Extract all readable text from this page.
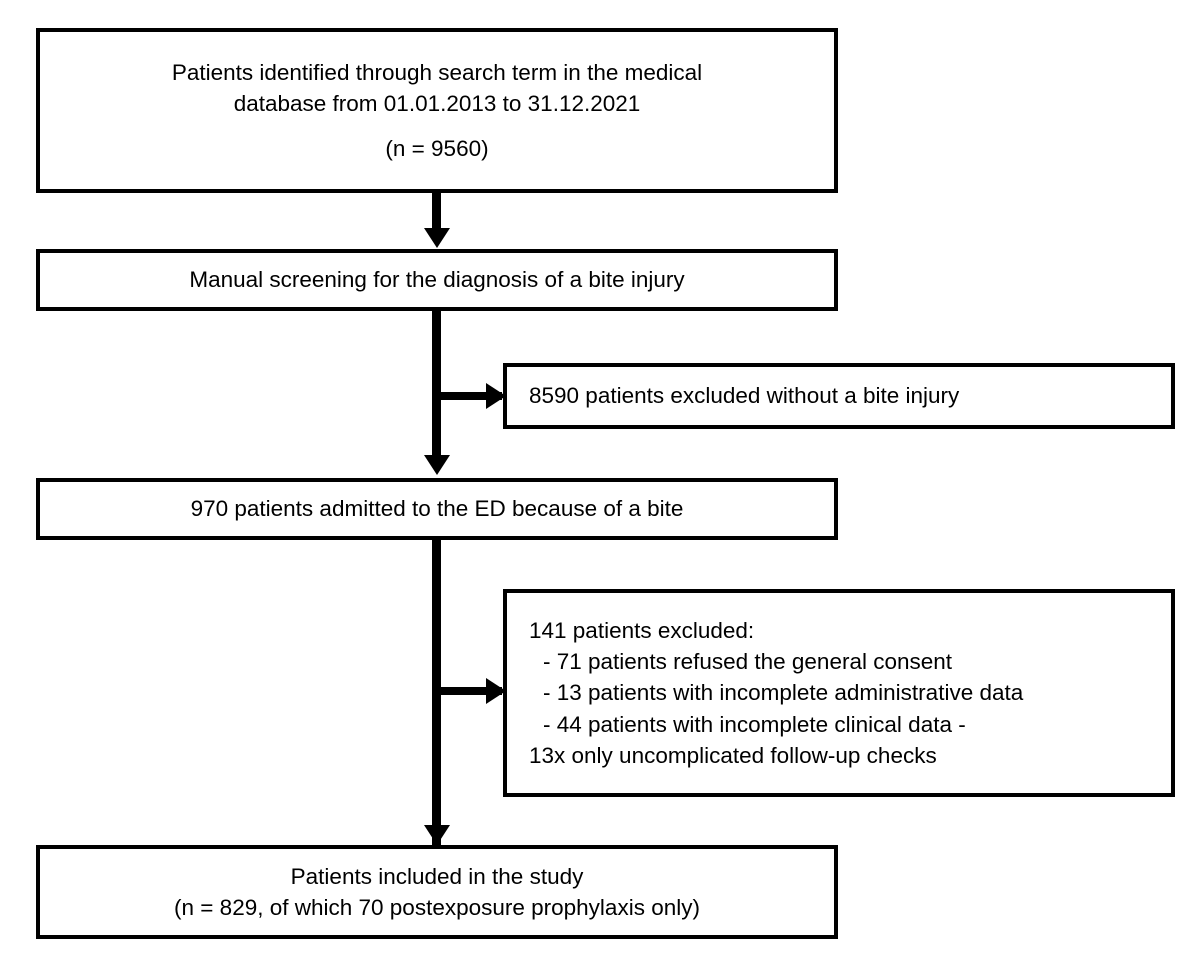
Patients identified through search term in the medical
database from 01.01.2013 to 31.12.2021
(n = 9560)
Manual screening for the diagnosis of a bite injury
8590 patients excluded without a bite injury
970 patients admitted to the ED because of a bite
141 patients excluded:
- 71 patients refused the general consent
- 13 patients with incomplete administrative data
- 44 patients with incomplete clinical data -
13x only uncomplicated follow-up checks
Patients included in the study
(n = 829, of which 70 postexposure prophylaxis only)
